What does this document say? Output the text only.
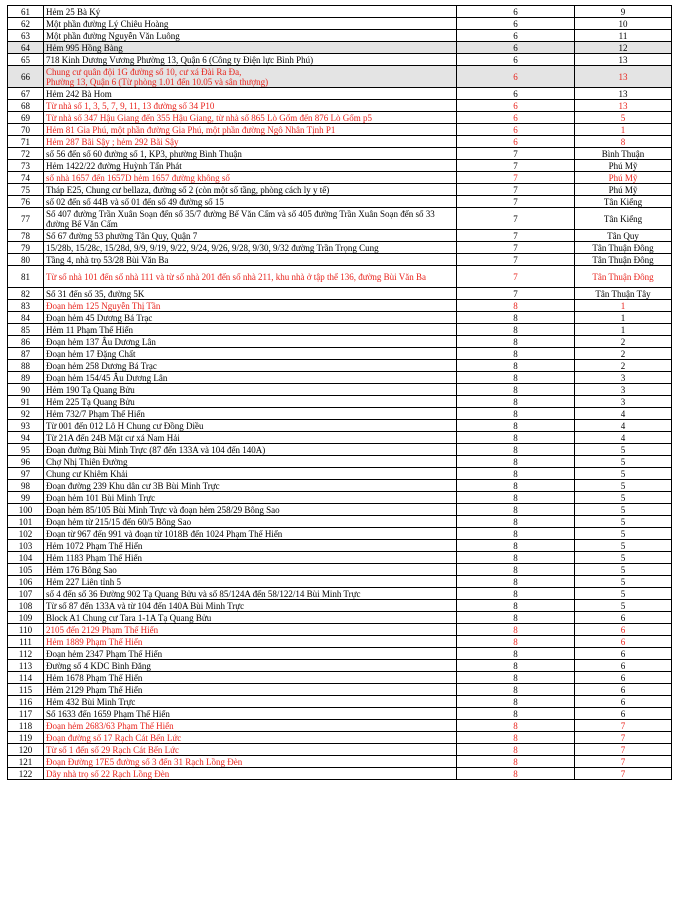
61	Hẻm 25 Bà Ký	6	9
62	Một phần đường Lý Chiêu Hoàng	6	10
63	Một phần đường Nguyễn Văn Luông	6	11
64	Hẻm 995 Hồng Bàng	6	12
65	718 Kinh Dương Vương Phường 13, Quận 6 (Công ty Điện lực Bình Phú)	6	13
66	Chung cư quân đội 1G đường số 10, cư xá Đài Ra Đa,
Phường 13, Quận 6 (Từ phòng 1.01 đến 10.05 và sân thượng)	6	13
67	Hẻm 242 Bà Hom	6	13
68	Từ nhà số 1, 3, 5, 7, 9, 11, 13 đường số 34 P10	6	13
69	Từ nhà số 347 Hậu Giang đến 355 Hậu Giang, từ nhà số 865 Lò Gốm đến 876 Lò Gốm p5	6	5
70	Hẻm 81 Gia Phú, một phần đường Gia Phú, một phần đường Ngô Nhân Tịnh P1	6	1
71	Hẻm 287 Bãi Sậy ; hẻm 292 Bãi Sậy	6	8
72	số 56 đến số 60 đường số 1, KP3, phường Bình Thuận	7	Bình Thuận
73	Hẻm 1422/22 đường Huỳnh Tấn Phát	7	Phú Mỹ
74	số nhà 1657 đến 1657D hẻm 1657 đường không số	7	Phú Mỹ
75	Tháp E25, Chung cư bellaza, đường số 2 (còn một số tầng, phòng cách ly y tế)	7	Phú Mỹ
76	số 02 đến số 44B và số 01 đến số 49 đường số 15	7	Tân Kiểng
77	Số 407 đường Trần Xuân Soạn đến số 35/7 đường Bế Văn Cấm và số 405 đường Trần Xuân Soạn đến số 33 đường Bế Văn Cấm	7	Tân Kiểng
78	Số 67 đường 53 phường Tân Quy, Quận 7	7	Tân Quy
79	15/28b, 15/28c, 15/28d, 9/9, 9/19, 9/22, 9/24, 9/26, 9/28, 9/30, 9/32 đường Trần Trọng Cung	7	Tân Thuận Đông
80	Tầng 4, nhà trọ 53/28 Bùi Văn Ba	7	Tân Thuận Đông
81	Từ số nhà 101 đến số nhà 111 và từ số nhà 201 đến số nhà 211, khu nhà ở tập thể 136, đường Bùi Văn Ba	7	Tân Thuận Đông
82	Số 31 đến số 35, đường 5K	7	Tân Thuận Tây
83	Đoạn hẻm 125 Nguyễn Thị Tần	8	1
84	Đoạn hẻm 45 Dương Bá Trạc	8	1
85	Hẻm 11 Phạm Thế Hiển	8	1
86	Đoạn hẻm 137 Âu Dương Lân	8	2
87	Đoạn hẻm 17 Đặng Chất	8	2
88	Đoạn hẻm 258 Dương Bá Trạc	8	2
89	Đoạn hẻm 154/45 Âu Dương Lân	8	3
90	Hẻm 190 Tạ Quang Bửu	8	3
91	Hẻm 225 Tạ Quang Bửu	8	3
92	Hẻm 732/7 Phạm Thế Hiển	8	4
93	Từ 001 đến 012 Lô H Chung cư Đồng Diều	8	4
94	Từ 21A đến 24B Mặt cư xá Nam Hải	8	4
95	Đoạn đường Bùi Minh Trực (87 đến 133A và 104 đến 140A)	8	5
96	Chợ Nhị Thiên Đường	8	5
97	Chung cư Khiêm Khải	8	5
98	Đoạn đường 239 Khu dân cư 3B Bùi Minh Trực	8	5
99	Đoạn hẻm 101 Bùi Minh Trực	8	5
100	Đoạn hẻm 85/105 Bùi Minh Trực và đoạn hẻm 258/29 Bông Sao	8	5
101	Đoạn hẻm từ 215/15 đến 60/5 Bông Sao	8	5
102	Đoạn từ 967 đến 991 và đoạn từ 1018B đến 1024 Phạm Thế Hiển	8	5
103	Hẻm 1072 Phạm Thế Hiển	8	5
104	Hẻm 1183 Phạm Thế Hiển	8	5
105	Hẻm 176 Bông Sao	8	5
106	Hẻm 227 Liên tỉnh 5	8	5
107	số 4 đến số 36 Đường 902 Tạ Quang Bửu và số 85/124A đến 58/122/14 Bùi Minh Trực	8	5
108	Từ số 87 đến 133A và từ 104 đến 140A Bùi Minh Trực	8	5
109	Block A1 Chung cư Tara 1-1A Tạ Quang Bửu	8	6
110	2105 đến 2129 Phạm Thế Hiển	8	6
111	Hẻm 1889 Phạm Thế Hiển	8	6
112	Đoạn hẻm 2347 Phạm Thế Hiển	8	6
113	Đường số 4 KDC Bình Đăng	8	6
114	Hẻm 1678 Phạm Thế Hiển	8	6
115	Hẻm 2129 Phạm Thế Hiển	8	6
116	Hẻm 432 Bùi Minh Trực	8	6
117	Số 1633 đến 1659 Phạm Thế Hiển	8	6
118	Đoạn hẻm 2683/63 Phạm Thế Hiển	8	7
119	Đoạn đường số 17 Rạch Cát Bến Lức	8	7
120	Từ số 1 đến số 29 Rạch Cát Bến Lức	8	7
121	Đoạn Đường 17E5 đường số 3 đến 31 Rạch Lồng Đèn	8	7
122	Dãy nhà trọ số 22 Rạch Lồng Đèn	8	7
